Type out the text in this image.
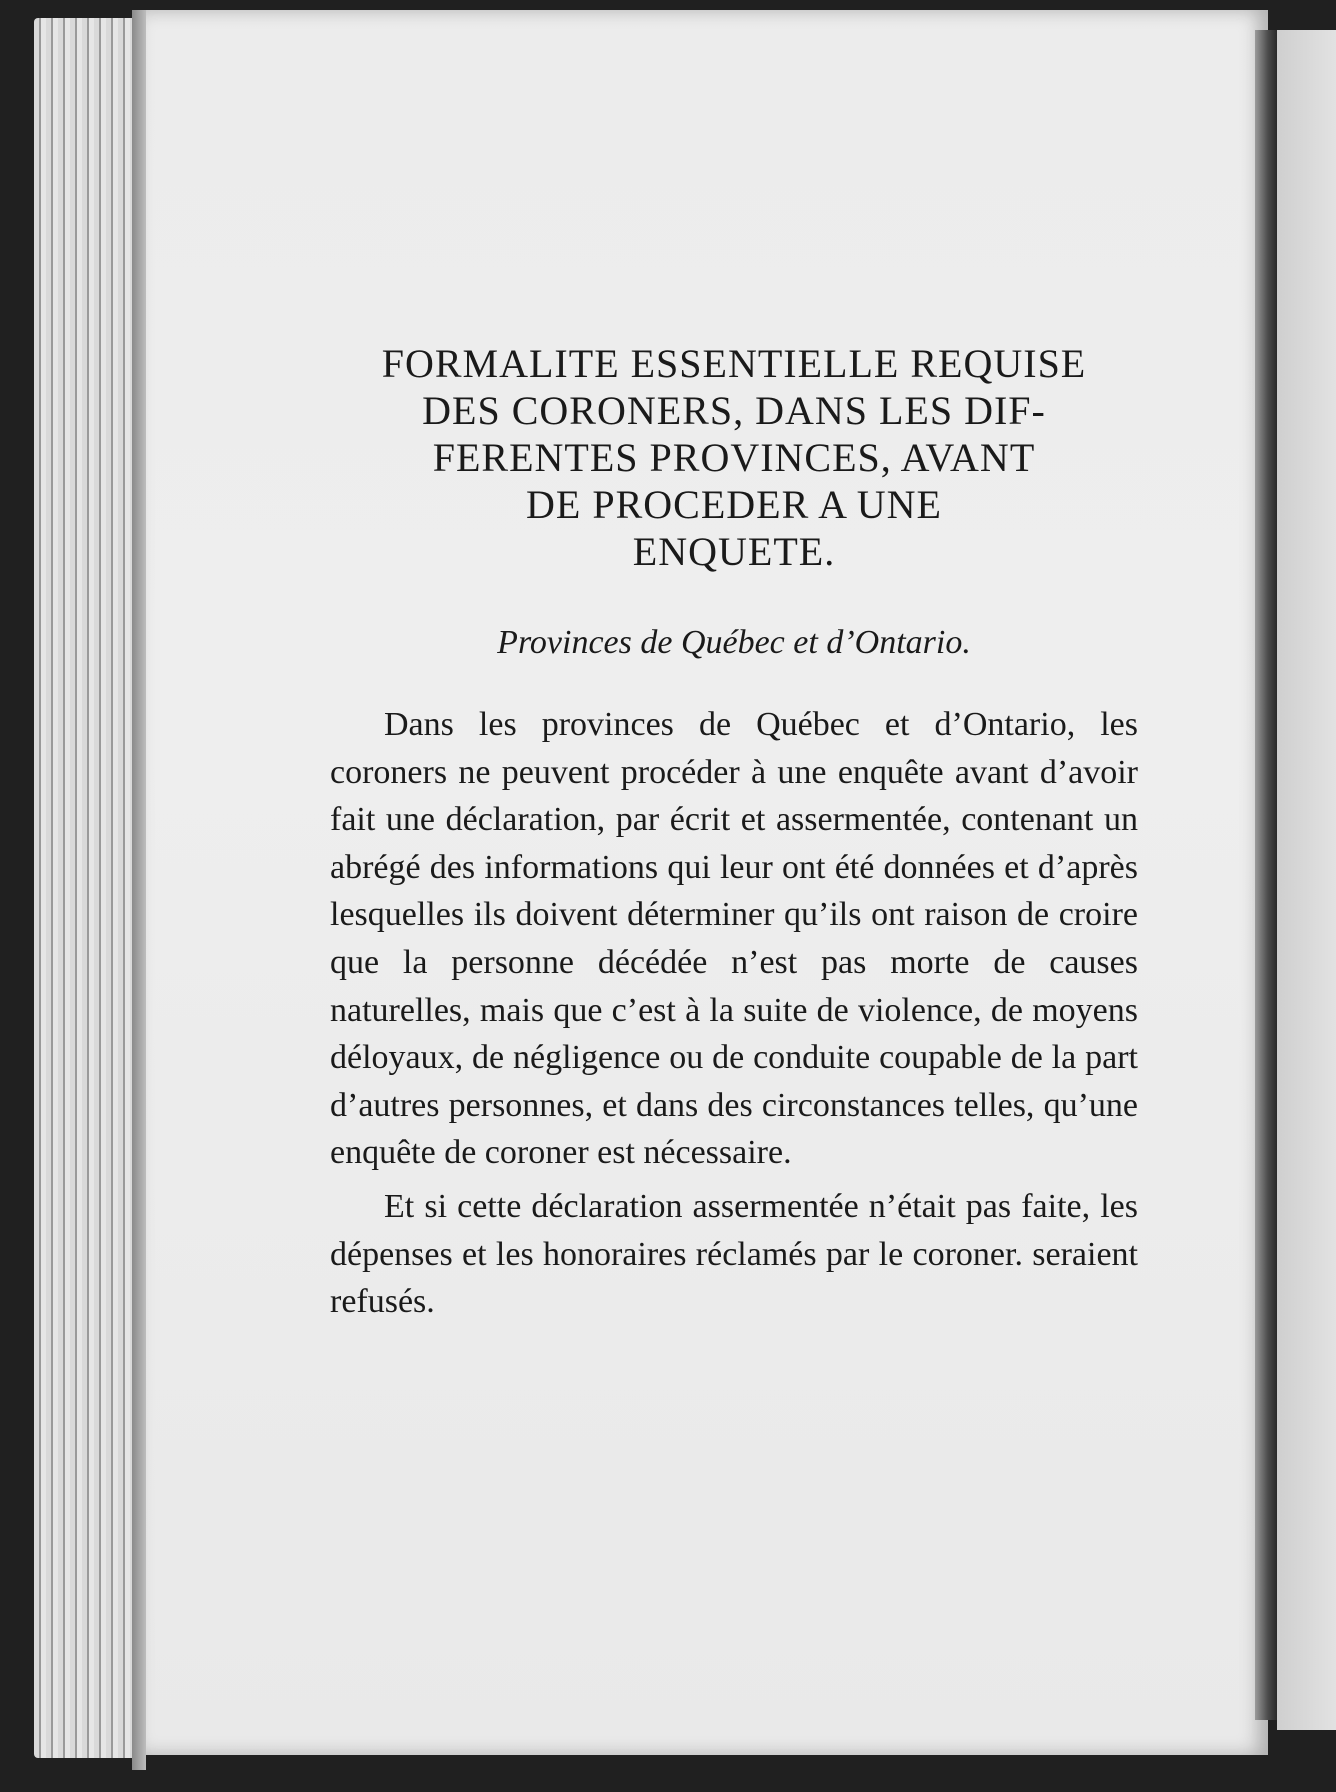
FORMALITE ESSENTIELLE REQUISE
DES CORONERS, DANS LES DIF-
FERENTES PROVINCES, AVANT
DE PROCEDER A UNE
ENQUETE.

Provinces de Québec et d’Ontario.

Dans les provinces de Québec et d’Ontario, les coroners ne peuvent procéder à une enquête avant d’avoir fait une déclaration, par écrit et assermentée, contenant un abrégé des informations qui leur ont été données et d’après lesquelles ils doivent déterminer qu’ils ont raison de croire que la personne décédée n’est pas morte de causes naturelles, mais que c’est à la suite de violence, de moyens déloyaux, de négligence ou de conduite coupable de la part d’autres personnes, et dans des circonstances telles, qu’une enquête de coroner est nécessaire.

Et si cette déclaration assermentée n’était pas faite, les dépenses et les honoraires réclamés par le coroner. seraient refusés.
